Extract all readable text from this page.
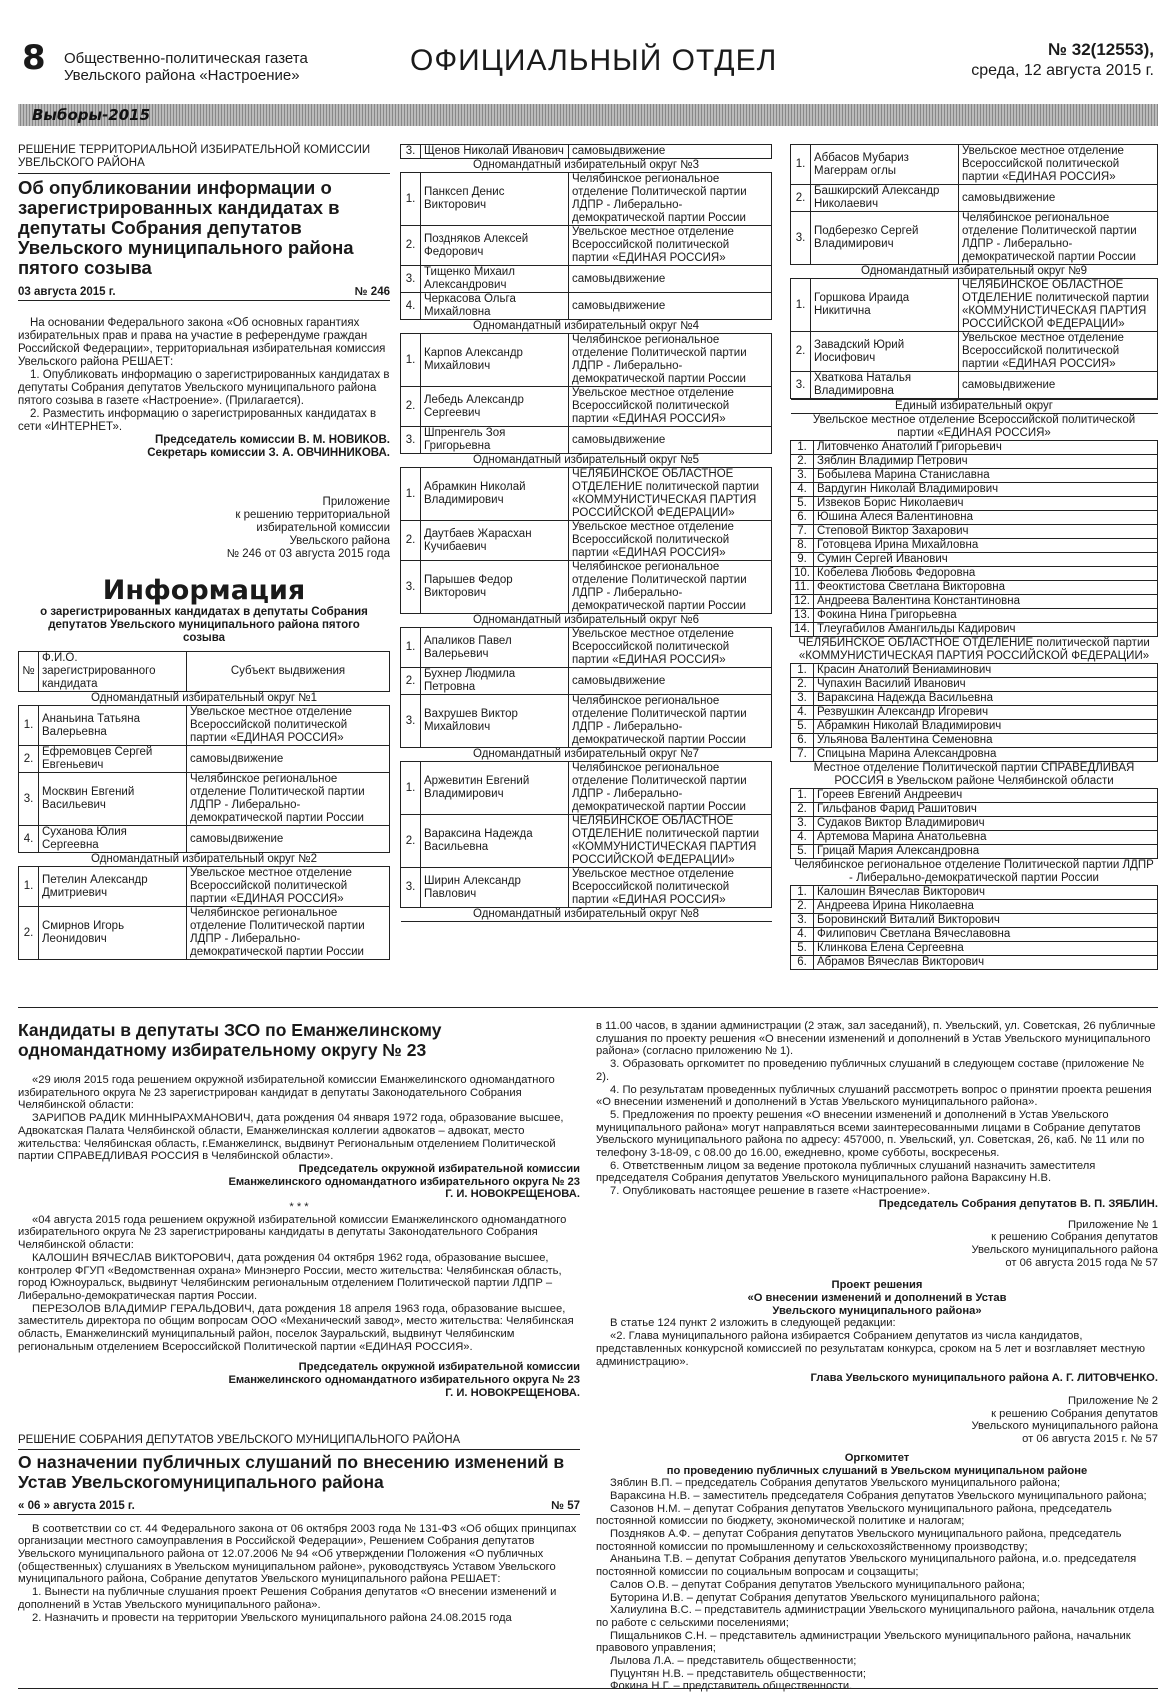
8 Общественно-политическая газета
Увельского района «Настроение»	ОФИЦИАЛЬНЫЙ ОТДЕЛ	№ 32(12553),
среда, 12 августа 2015 г.
Выборы-2015
РЕШЕНИЕ ТЕРРИТОРИАЛЬНОЙ ИЗБИРАТЕЛЬНОЙ КОМИССИИ УВЕЛЬСКОГО РАЙОНА
Об опубликовании информации о зарегистрированных кандидатах в депутаты Собрания депутатов Увельского муниципального района пятого созыва
03 августа 2015 г.	№ 246

На основании Федерального закона «Об основных гарантиях избирательных прав и права на участие в референдуме граждан Российской Федерации», территориальная избирательная комиссия Увельского района РЕШАЕТ:

1. Опубликовать информацию о зарегистрированных кандидатах в депутаты Собрания депутатов Увельского муниципального района пятого созыва в газете «Настроение». (Прилагается).

2. Разместить информацию о зарегистрированных кандидатах в сети «ИНТЕРНЕТ».

Председатель комиссии В. М. НОВИКОВ.
Секретарь комиссии З. А. ОВЧИННИКОВА.
Приложение
к решению территориальной
избирательной комиссии
Увельского района
№ 246 от 03 августа 2015 года
Информация
о зарегистрированных кандидатах в депутаты Собрания депутатов Увельского муниципального района пятого созыва
№	Ф.И.О. зарегистрированного кандидата	Субъект выдвижения
Одномандатный избирательный округ №1		
1.	Ананьина Татьяна Валерьевна	Увельское местное отделение Всероссийской политической партии «ЕДИНАЯ РОССИЯ»
2.	Ефремовцев Сергей Евгеньевич	самовыдвижение
3.	Москвин Евгений Васильевич	Челябинское региональное отделение Политической партии ЛДПР - Либерально-демократической партии России
4.	Суханова Юлия Сергеевна	самовыдвижение
Одномандатный избирательный округ №2		
1.	Петелин Александр Дмитриевич	Увельское местное отделение Всероссийской политической партии «ЕДИНАЯ РОССИЯ»
2.	Смирнов Игорь Леонидович	Челябинское региональное отделение Политической партии ЛДПР - Либерально-демократической партии России
3.	Щенов Николай Иванович	самовыдвижение
Одномандатный избирательный округ №3		
1.	Панксеп Денис Викторович	Челябинское региональное отделение Политической партии ЛДПР - Либерально-демократической партии России
2.	Поздняков Алексей Федорович	Увельское местное отделение Всероссийской политической партии «ЕДИНАЯ РОССИЯ»
3.	Тищенко Михаил Александрович	самовыдвижение
4.	Черкасова Ольга Михайловна	самовыдвижение
Одномандатный избирательный округ №4		
1.	Карпов Александр Михайлович	Челябинское региональное отделение Политической партии ЛДПР - Либерально-демократической партии России
2.	Лебедь Александр Сергеевич	Увельское местное отделение Всероссийской политической партии «ЕДИНАЯ РОССИЯ»
3.	Шпренгель Зоя Григорьевна	самовыдвижение
Одномандатный избирательный округ №5		
1.	Абрамкин Николай Владимирович	ЧЕЛЯБИНСКОЕ ОБЛАСТНОЕ ОТДЕЛЕНИЕ политической партии «КОММУНИСТИЧЕСКАЯ ПАРТИЯ РОССИЙСКОЙ ФЕДЕРАЦИИ»
2.	Даутбаев Жарасхан Кучибаевич	Увельское местное отделение Всероссийской политической партии «ЕДИНАЯ РОССИЯ»
3.	Парышев Федор Викторович	Челябинское региональное отделение Политической партии ЛДПР - Либерально-демократической партии России
Одномандатный избирательный округ №6		
1.	Апаликов Павел Валерьевич	Увельское местное отделение Всероссийской политической партии «ЕДИНАЯ РОССИЯ»
2.	Бухнер Людмила Петровна	самовыдвижение
3.	Вахрушев Виктор Михайлович	Челябинское региональное отделение Политической партии ЛДПР - Либерально-демократической партии России
Одномандатный избирательный округ №7		
1.	Аржевитин Евгений Владимирович	Челябинское региональное отделение Политической партии ЛДПР - Либерально-демократической партии России
2.	Вараксина Надежда Васильевна	ЧЕЛЯБИНСКОЕ ОБЛАСТНОЕ ОТДЕЛЕНИЕ политической партии «КОММУНИСТИЧЕСКАЯ ПАРТИЯ РОССИЙСКОЙ ФЕДЕРАЦИИ»
3.	Ширин Александр Павлович	Увельское местное отделение Всероссийской политической партии «ЕДИНАЯ РОССИЯ»
Одномандатный избирательный округ №8		
1.	Аббасов Мубариз Магеррам оглы	Увельское местное отделение Всероссийской политической партии «ЕДИНАЯ РОССИЯ»
2.	Башкирский Александр Николаевич	самовыдвижение
3.	Подберезко Сергей Владимирович	Челябинское региональное отделение Политической партии ЛДПР - Либерально-демократической партии России
Одномандатный избирательный округ №9		
1.	Горшкова Ираида Никитична	ЧЕЛЯБИНСКОЕ ОБЛАСТНОЕ ОТДЕЛЕНИЕ политической партии «КОММУНИСТИЧЕСКАЯ ПАРТИЯ РОССИЙСКОЙ ФЕДЕРАЦИИ»
2.	Завадский Юрий Иосифович	Увельское местное отделение Всероссийской политической партии «ЕДИНАЯ РОССИЯ»
3.	Хваткова Наталья Владимировна	самовыдвижение
Единый избирательный округ	
Увельское местное отделение Всероссийской политической партии «ЕДИНАЯ РОССИЯ»	
1.	Литовченко Анатолий Григорьевич
2.	Зяблин Владимир Петрович
3.	Бобылева Марина Станиславна
4.	Вардугин Николай Владимирович
5.	Извеков Борис Николаевич
6.	Юшина Алеся Валентиновна
7.	Степовой Виктор Захарович
8.	Готовцева Ирина Михайловна
9.	Сумин Сергей Иванович
10.	Кобелева Любовь Федоровна
11.	Феоктистова Светлана Викторовна
12.	Андреева Валентина Константиновна
13.	Фокина Нина Григорьевна
14.	Тлеугабилов Амангильды Кадирович
ЧЕЛЯБИНСКОЕ ОБЛАСТНОЕ ОТДЕЛЕНИЕ политической партии «КОММУНИСТИЧЕСКАЯ ПАРТИЯ РОССИЙСКОЙ ФЕДЕРАЦИИ»	
1.	Красин Анатолий Вениаминович
2.	Чупахин Василий Иванович
3.	Вараксина Надежда Васильевна
4.	Резвушкин Александр Игоревич
5.	Абрамкин Николай Владимирович
6.	Ульянова Валентина Семеновна
7.	Спицына Марина Александровна
Местное отделение Политической партии СПРАВЕДЛИВАЯ РОССИЯ в Увельском районе Челябинской области	
1.	Гореев Евгений Андреевич
2.	Гильфанов Фарид Рашитович
3.	Судаков Виктор Владимирович
4.	Артемова Марина Анатольевна
5.	Грицай Мария Александровна
Челябинское региональное отделение Политической партии ЛДПР - Либерально-демократической партии России	
1.	Калошин Вячеслав Викторович
2.	Андреева Ирина Николаевна
3.	Боровинский Виталий Викторович
4.	Филипович Светлана Вячеславовна
5.	Клинкова Елена Сергеевна
6.	Абрамов Вячеслав Викторович
Кандидаты в депутаты ЗСО по Еманжелинскому одномандатному избирательному округу № 23

«29 июля 2015 года решением окружной избирательной комиссии Еманжелинского одномандатного избирательного округа № 23 зарегистрирован кандидат в депутаты Законодательного Собрания Челябинской области:

ЗАРИПОВ РАДИК МИННЫРАХМАНОВИЧ, дата рождения 04 января 1972 года, образование высшее, Адвокатская Палата Челябинской области, Еманжелинская коллегии адвокатов – адвокат, место жительства: Челябинская область, г.Еманжелинск, выдвинут Региональным отделением Политической партии СПРАВЕДЛИВАЯ РОССИЯ в Челябинской области».

Председатель окружной избирательной комиссии Еманжелинского одномандатного избирательного округа № 23 Г. И. НОВОКРЕЩЕНОВА.
* * *

«04 августа 2015 года решением окружной избирательной комиссии Еманжелинского одномандатного избирательного округа № 23 зарегистрированы кандидаты в депутаты Законодательного Собрания Челябинской области:

КАЛОШИН ВЯЧЕСЛАВ ВИКТОРОВИЧ, дата рождения 04 октября 1962 года, образование высшее, контролер ФГУП «Ведомственная охрана» Минэнерго России, место жительства: Челябинская область, город Южноуральск, выдвинут Челябинским региональным отделением Политической партии ЛДПР – Либерально-демократическая партия России.

ПЕРЕЗОЛОВ ВЛАДИМИР ГЕРАЛЬДОВИЧ, дата рождения 18 апреля 1963 года, образование высшее, заместитель директора по общим вопросам ООО «Механический завод», место жительства: Челябинская область, Еманжелинский муниципальный район, поселок Зауральский, выдвинут Челябинским региональным отделением Всероссийской Политической партии «ЕДИНАЯ РОССИЯ».

Председатель окружной избирательной комиссии Еманжелинского одномандатного избирательного округа № 23 Г. И. НОВОКРЕЩЕНОВА.
РЕШЕНИЕ СОБРАНИЯ ДЕПУТАТОВ УВЕЛЬСКОГО МУНИЦИПАЛЬНОГО РАЙОНА
О назначении публичных слушаний по внесению изменений в Устав Увельскогомуниципального района
« 06 » августа 2015 г.	№ 57

В соответствии со ст. 44 Федерального закона от 06 октября 2003 года № 131-ФЗ «Об общих принципах организации местного самоуправления в Российской Федерации», Решением Собрания депутатов Увельского муниципального района от 12.07.2006 № 94 «Об утверждении Положения «О публичных (общественных) слушаниях в Увельском муниципальном районе», руководствуясь Уставом Увельского муниципального района, Собрание депутатов Увельского муниципального района РЕШАЕТ:

1. Вынести на публичные слушания проект Решения Собрания депутатов «О внесении изменений и дополнений в Устав Увельского муниципального района».

2. Назначить и провести на территории Увельского муниципального района 24.08.2015 года

в 11.00 часов, в здании администрации (2 этаж, зал заседаний), п. Увельский, ул. Советская, 26 публичные слушания по проекту решения «О внесении изменений и дополнений в Устав Увельского муниципального района» (согласно приложению № 1).

3. Образовать оргкомитет по проведению публичных слушаний в следующем составе (приложение № 2).

4. По результатам проведенных публичных слушаний рассмотреть вопрос о принятии проекта решения «О внесении изменений и дополнений в Устав Увельского муниципального района».

5. Предложения по проекту решения «О внесении изменений и дополнений в Устав Увельского муниципального района» могут направляться всеми заинтересованными лицами в Собрание депутатов Увельского муниципального района по адресу: 457000, п. Увельский, ул. Советская, 26, каб. № 11 или по телефону 3-18-09, с 08.00 до 16.00, ежедневно, кроме субботы, воскресенья.

6. Ответственным лицом за ведение протокола публичных слушаний назначить заместителя председателя Собрания депутатов Увельского муниципального района Вараксину Н.В.

7. Опубликовать настоящее решение в газете «Настроение».

Председатель Собрания депутатов В. П. ЗЯБЛИН.
Приложение № 1
к решению Собрания депутатов
Увельского муниципального района
от 06 августа 2015 года № 57
Проект решения
«О внесении изменений и дополнений в Устав
Увельского муниципального района»

В статье 124 пункт 2 изложить в следующей редакции:

«2. Глава муниципального района избирается Собранием депутатов из числа кандидатов, представленных конкурсной комиссией по результатам конкурса, сроком на 5 лет и возглавляет местную администрацию».

Глава Увельского муниципального района А. Г. ЛИТОВЧЕНКО.
Приложение № 2
к решению Собрания депутатов
Увельского муниципального района
от 06 августа 2015 г. № 57
Оргкомитет
по проведению публичных слушаний в Увельском муниципальном районе

Зяблин В.П. – председатель Собрания депутатов Увельского муниципального района;

Вараксина Н.В. – заместитель председателя Собрания депутатов Увельского муниципального района;

Сазонов Н.М. – депутат Собрания депутатов Увельского муниципального района, председатель постоянной комиссии по бюджету, экономической политике и налогам;

Поздняков А.Ф. – депутат Собрания депутатов Увельского муниципального района, председатель постоянной комиссии по промышленному и сельскохозяйственному производству;

Ананьина Т.В. – депутат Собрания депутатов Увельского муниципального района, и.о. председателя постоянной комиссии по социальным вопросам и соцзащиты;

Салов О.В. – депутат Собрания депутатов Увельского муниципального района;

Буторина И.В. – депутат Собрания депутатов Увельского муниципального района;

Халиулина В.С. – представитель администрации Увельского муниципального района, начальник отдела по работе с сельскими поселениями;

Пищальников С.Н. – представитель администрации Увельского муниципального района, начальник правового управления;

Лылова Л.А. – представитель общественности;

Пуцунтян Н.В. – представитель общественности;

Фокина Н.Г. – представитель общественности.
